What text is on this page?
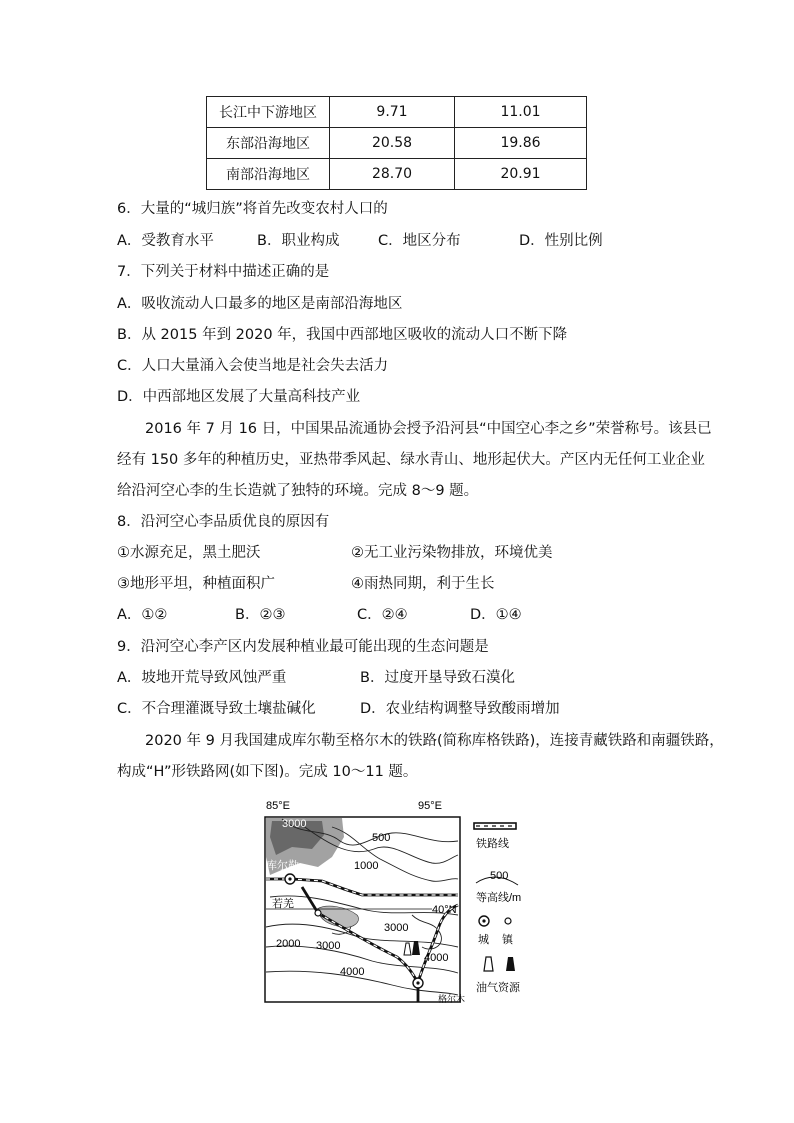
长江中下游地区	9.71	11.01
东部沿海地区	20.58	19.86
南部沿海地区	28.70	20.91
6．大量的“城归族”将首先改变农村人口的
A．受教育水平	B．职业构成	C．地区分布	D．性别比例
7．下列关于材料中描述正确的是
A．吸收流动人口最多的地区是南部沿海地区
B．从 2015 年到 2020 年，我国中西部地区吸收的流动人口不断下降
C．人口大量涌入会使当地是社会失去活力
D．中西部地区发展了大量高科技产业
2016 年 7 月 16 日，中国果品流通协会授予沿河县“中国空心李之乡”荣誉称号。该县已
经有 150 多年的种植历史，亚热带季风起、绿水青山、地形起伏大。产区内无任何工业企业
给沿河空心李的生长造就了独特的环境。完成 8～9 题。
8．沿河空心李品质优良的原因有
①水源充足，黑土肥沃	②无工业污染物排放，环境优美
③地形平坦，种植面积广	④雨热同期，利于生长
A．①②	B．②③	C．②④	D．①④
9．沿河空心李产区内发展种植业最可能出现的生态问题是
A．坡地开荒导致风蚀严重	B．过度开垦导致石漠化
C．不合理灌溉导致土壤盐碱化	D．农业结构调整导致酸雨增加
2020 年 9 月我国建成库尔勒至格尔木的铁路(简称库格铁路)，连接青藏铁路和南疆铁路，
构成“H”形铁路网(如下图)。完成 10～11 题。
85°E	95°E
40°N
库尔勒
若羌
格尔木
3000
500
1000
2000 3000
3000
4000
4000
铁路线
500
等高线/m
城 镇
油气资源
